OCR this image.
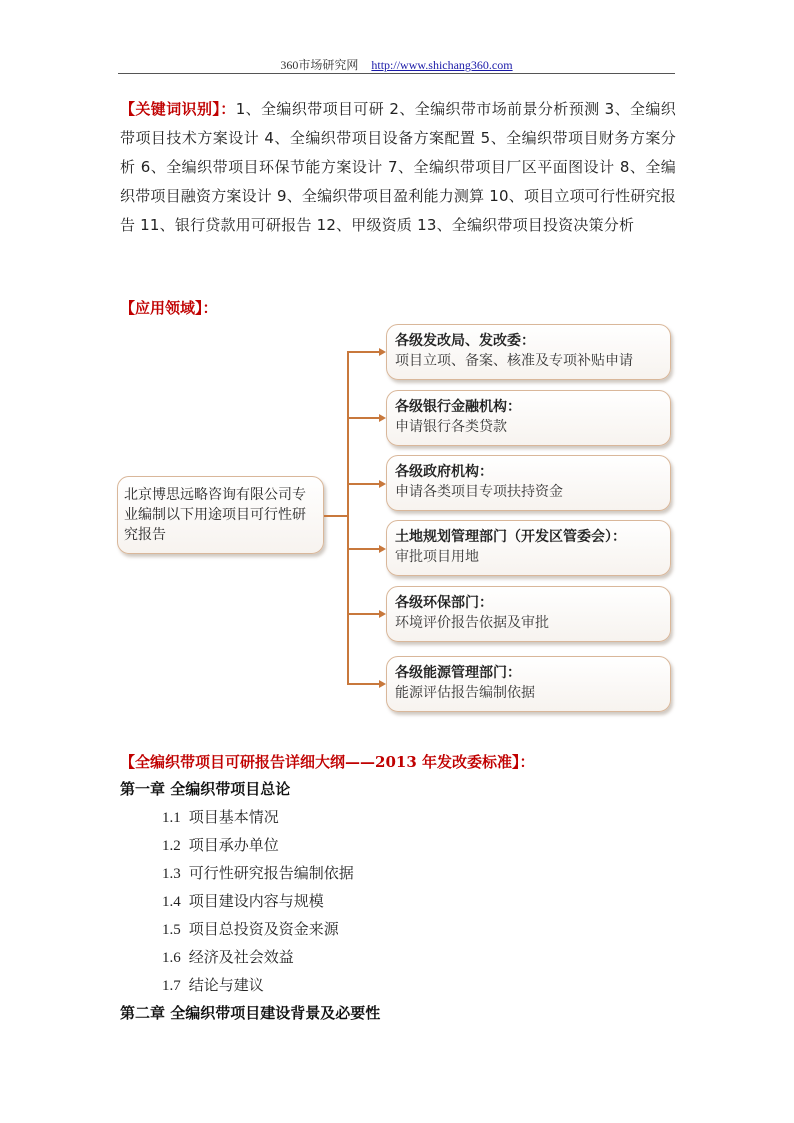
360市场研究网 http://www.shichang360.com
【关键词识别】：1、全编织带项目可研 2、全编织带市场前景分析预测 3、全编织带项目技术方案设计 4、全编织带项目设备方案配置 5、全编织带项目财务方案分析 6、全编织带项目环保节能方案设计 7、全编织带项目厂区平面图设计 8、全编织带项目融资方案设计 9、全编织带项目盈利能力测算 10、项目立项可行性研究报告 11、银行贷款用可研报告 12、甲级资质 13、全编织带项目投资决策分析
【应用领域】：
北京博思远略咨询有限公司专业编制以下用途项目可行性研究报告
各级发改局、发改委：
项目立项、备案、核准及专项补贴申请
各级银行金融机构：
申请银行各类贷款
各级政府机构：
申请各类项目专项扶持资金
土地规划管理部门（开发区管委会）：
审批项目用地
各级环保部门：
环境评价报告依据及审批
各级能源管理部门：
能源评估报告编制依据
【全编织带项目可研报告详细大纲——2013 年发改委标准】：
第一章 全编织带项目总论
1.1 项目基本情况
1.2 项目承办单位
1.3 可行性研究报告编制依据
1.4 项目建设内容与规模
1.5 项目总投资及资金来源
1.6 经济及社会效益
1.7 结论与建议
第二章 全编织带项目建设背景及必要性
